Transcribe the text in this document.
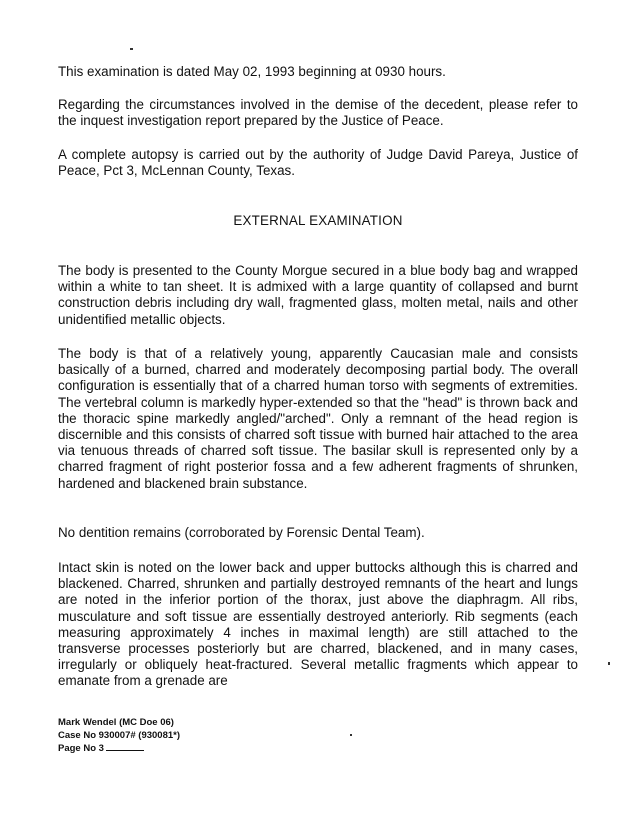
This examination is dated May 02, 1993 beginning at 0930 hours.

Regarding the circumstances involved in the demise of the decedent, please refer to the inquest investigation report prepared by the Justice of Peace.

A complete autopsy is carried out by the authority of Judge David Pareya, Justice of Peace, Pct 3, McLennan County, Texas.

EXTERNAL EXAMINATION

The body is presented to the County Morgue secured in a blue body bag and wrapped within a white to tan sheet. It is admixed with a large quantity of collapsed and burnt construction debris including dry wall, fragmented glass, molten metal, nails and other unidentified metallic objects.

The body is that of a relatively young, apparently Caucasian male and consists basically of a burned, charred and moderately decomposing partial body. The overall configuration is essentially that of a charred human torso with segments of extremities. The vertebral column is markedly hyper-extended so that the "head" is thrown back and the thoracic spine markedly angled/"arched". Only a remnant of the head region is discernible and this consists of charred soft tissue with burned hair attached to the area via tenuous threads of charred soft tissue. The basilar skull is represented only by a charred fragment of right posterior fossa and a few adherent fragments of shrunken, hardened and blackened brain substance.

No dentition remains (corroborated by Forensic Dental Team).

Intact skin is noted on the lower back and upper buttocks although this is charred and blackened. Charred, shrunken and partially destroyed remnants of the heart and lungs are noted in the inferior portion of the thorax, just above the diaphragm. All ribs, musculature and soft tissue are essentially destroyed anteriorly. Rib segments (each measuring approximately 4 inches in maximal length) are still attached to the transverse processes posteriorly but are charred, blackened, and in many cases, irregularly or obliquely heat-fractured. Several metallic fragments which appear to emanate from a grenade are

Mark Wendel (MC Doe 06)
Case No 930007# (930081*)
Page No 3
